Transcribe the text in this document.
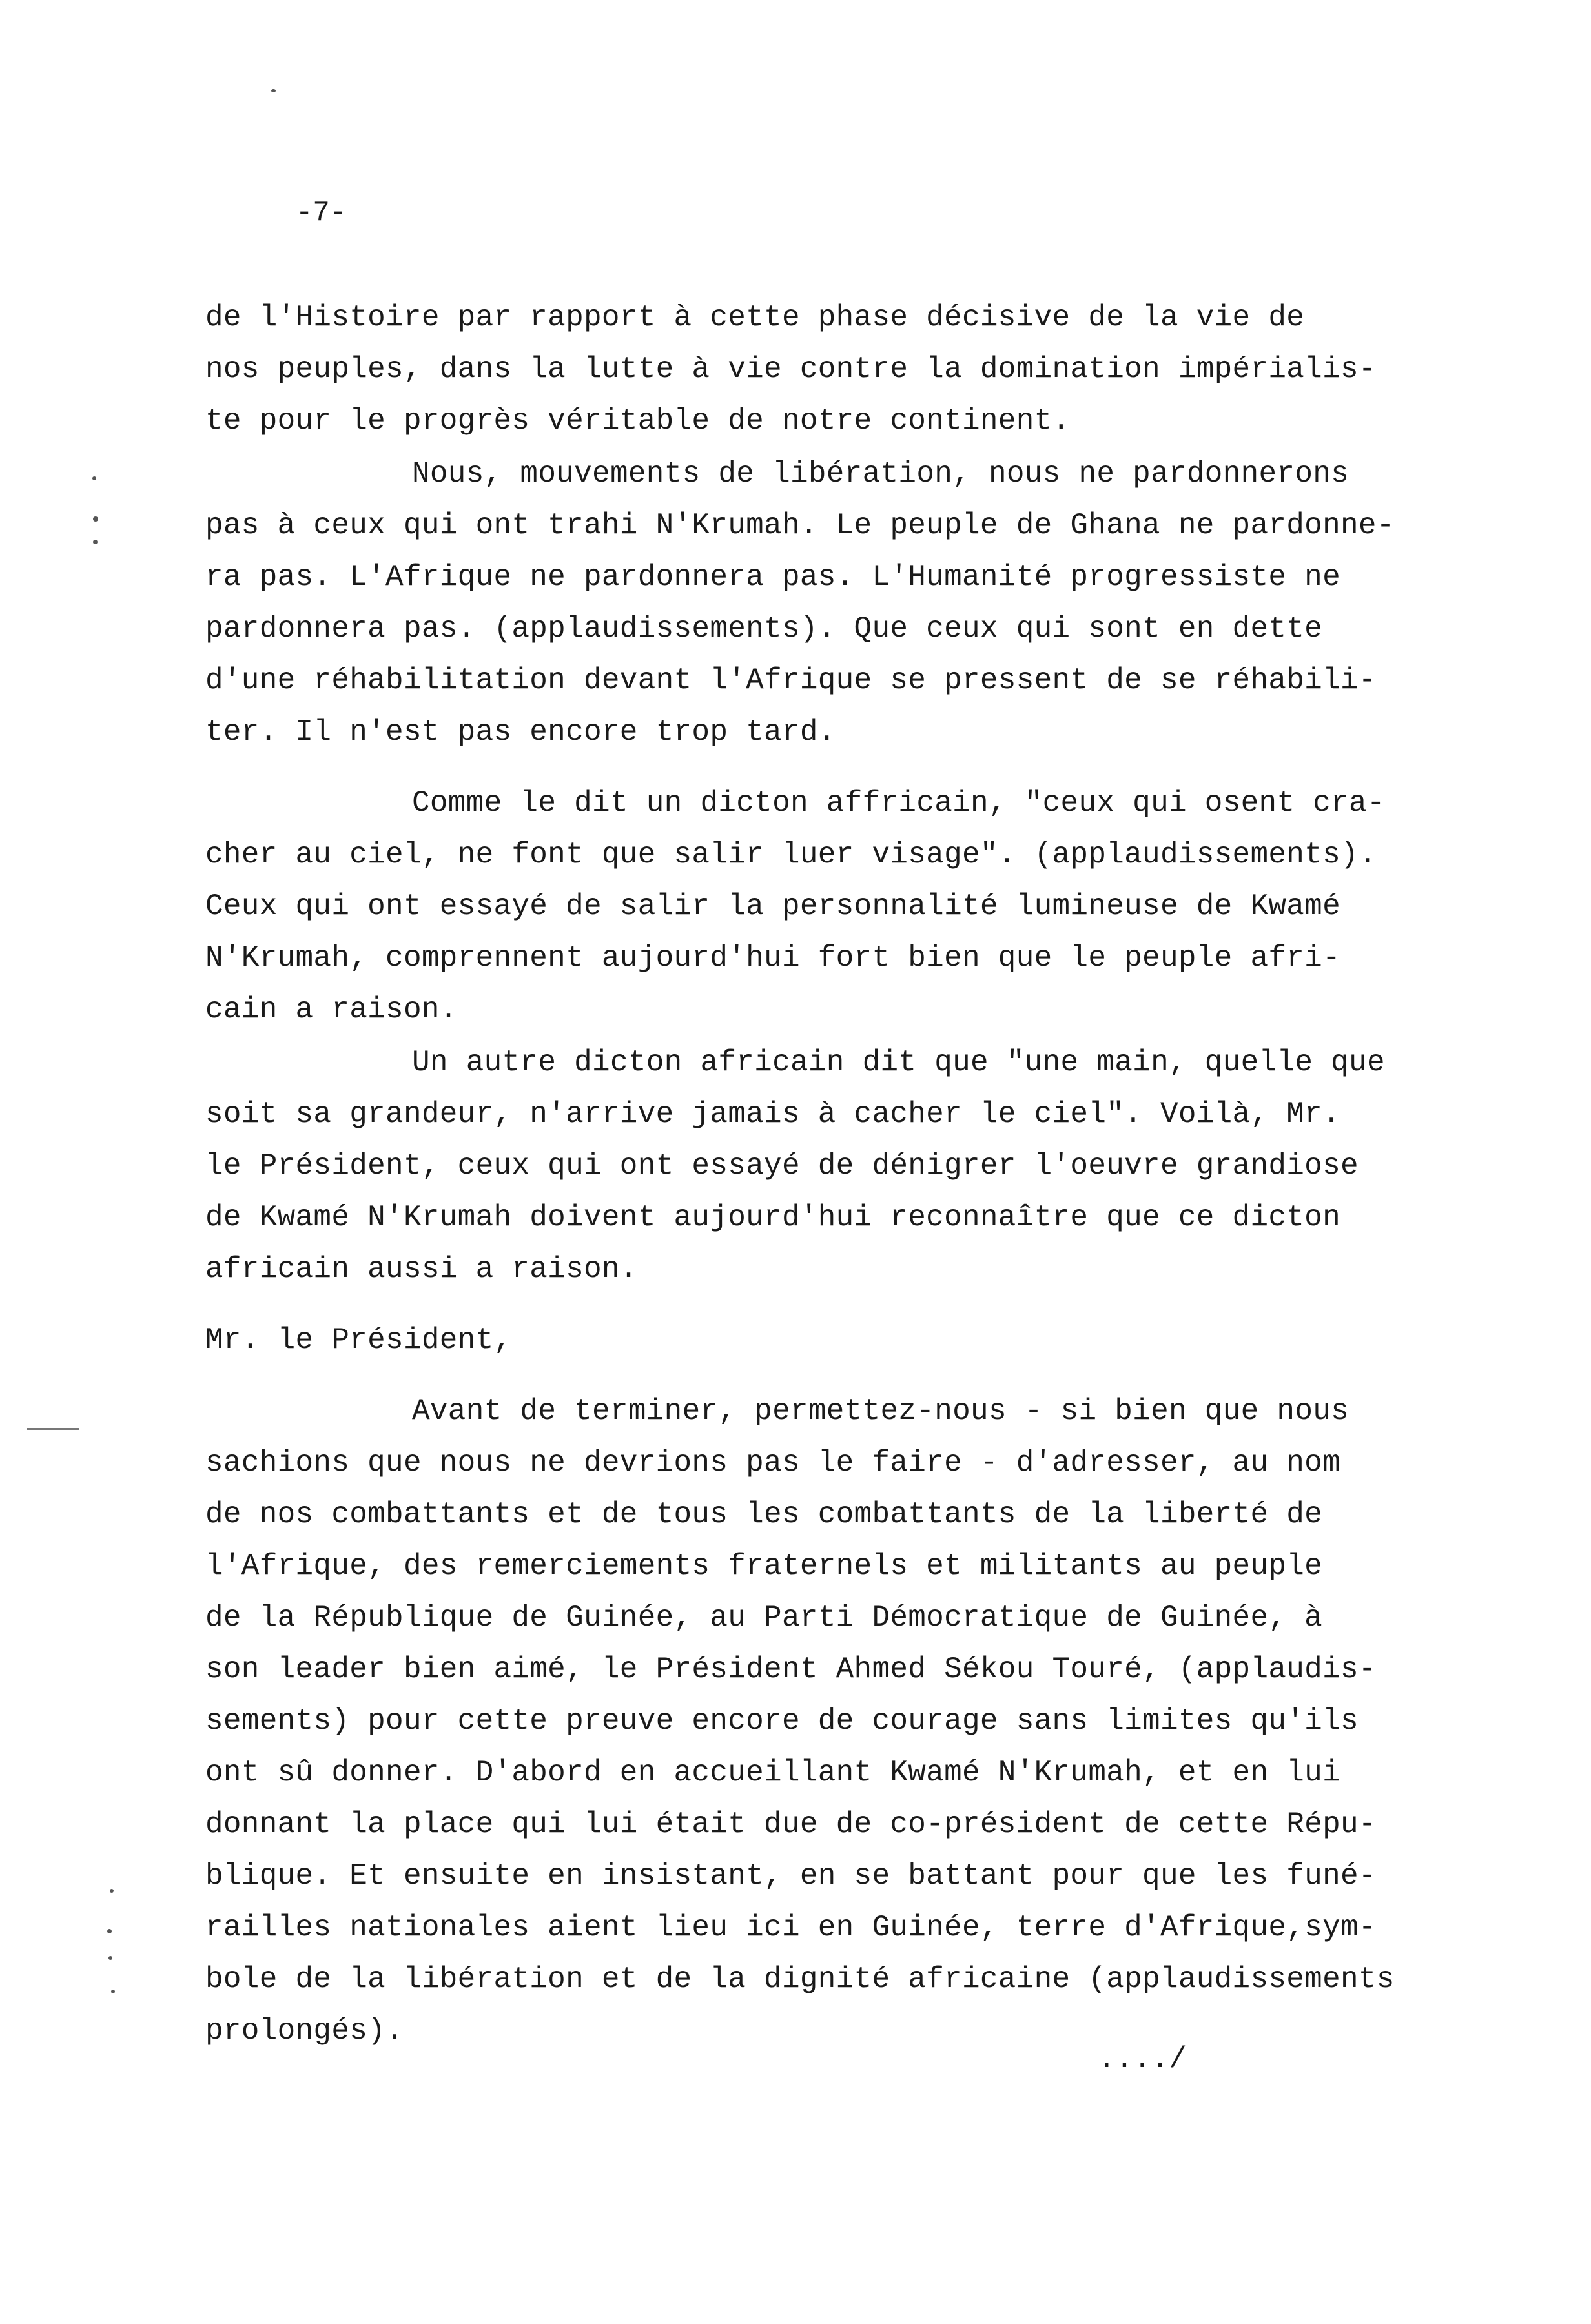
-7-
de l'Histoire par rapport à cette phase décisive de la vie de
nos peuples, dans la lutte à vie contre la domination impérialis-
te pour le progrès véritable de notre continent.
Nous, mouvements de libération, nous ne pardonnerons
pas à ceux qui ont trahi N'Krumah. Le peuple de Ghana ne pardonne-
ra pas. L'Afrique ne pardonnera pas. L'Humanité progressiste ne
pardonnera pas. (applaudissements). Que ceux qui sont en dette
d'une réhabilitation devant l'Afrique se pressent de se réhabili-
ter. Il n'est pas encore trop tard.
Comme le dit un dicton affricain, "ceux qui osent cra-
cher au ciel, ne font que salir luer visage". (applaudissements).
Ceux qui ont essayé de salir la personnalité lumineuse de Kwamé
N'Krumah, comprennent aujourd'hui fort bien que le peuple afri-
cain a raison.
Un autre dicton africain dit que "une main, quelle que
soit sa grandeur, n'arrive jamais à cacher le ciel". Voilà, Mr.
le Président, ceux qui ont essayé de dénigrer l'oeuvre grandiose
de Kwamé N'Krumah doivent aujourd'hui reconnaître que ce dicton
africain aussi a raison.
Mr. le Président,
Avant de terminer, permettez-nous - si bien que nous
sachions que nous ne devrions pas le faire - d'adresser, au nom
de nos combattants et de tous les combattants de la liberté de
l'Afrique, des remerciements fraternels et militants au peuple
de la République de Guinée, au Parti Démocratique de Guinée, à
son leader bien aimé, le Président Ahmed Sékou Touré, (applaudis-
sements) pour cette preuve encore de courage sans limites qu'ils
ont sû donner. D'abord en accueillant Kwamé N'Krumah, et en lui
donnant la place qui lui était due de co-président de cette Répu-
blique. Et ensuite en insistant, en se battant pour que les funé-
railles nationales aient lieu ici en Guinée, terre d'Afrique,sym-
bole de la libération et de la dignité africaine (applaudissements
prolongés).
..../
